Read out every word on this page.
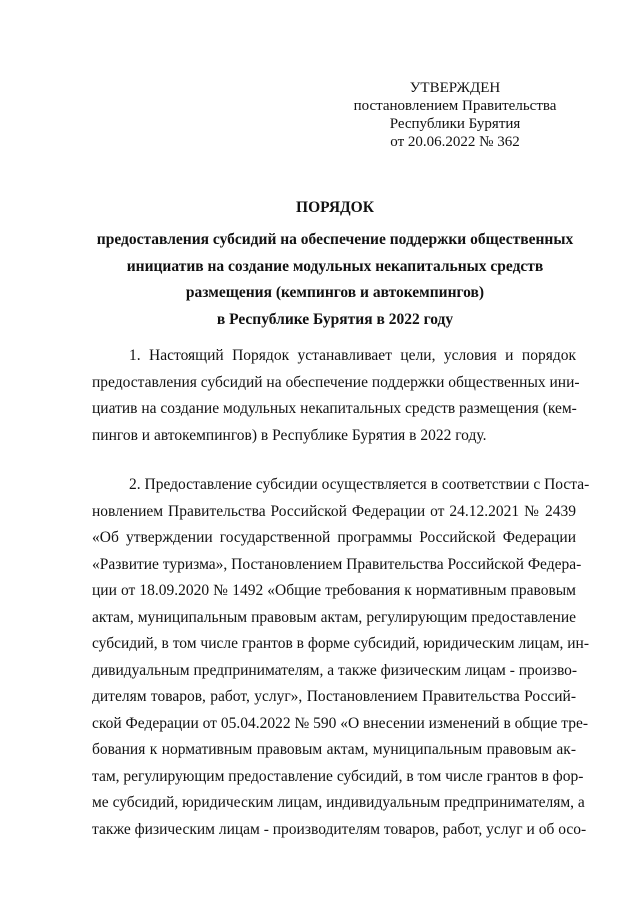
УТВЕРЖДЕН
постановлением Правительства
Республики Бурятия
от 20.06.2022 № 362
ПОРЯДОК
предоставления субсидий на обеспечение поддержки общественных
инициатив на создание модульных некапитальных средств
размещения (кемпингов и автокемпингов)
в Республике Бурятия в 2022 году
1. Настоящий Порядок устанавливает цели, условия и порядок
предоставления субсидий на обеспечение поддержки общественных ини-
циатив на создание модульных некапитальных средств размещения (кем-
пингов и автокемпингов) в Республике Бурятия в 2022 году.
2. Предоставление субсидии осуществляется в соответствии с Поста-
новлением Правительства Российской Федерации от 24.12.2021 № 2439
«Об утверждении государственной программы Российской Федерации
«Развитие туризма», Постановлением Правительства Российской Федера-
ции от 18.09.2020 № 1492 «Общие требования к нормативным правовым
актам, муниципальным правовым актам, регулирующим предоставление
субсидий, в том числе грантов в форме субсидий, юридическим лицам, ин-
дивидуальным предпринимателям, а также физическим лицам - произво-
дителям товаров, работ, услуг», Постановлением Правительства Россий-
ской Федерации от 05.04.2022 № 590 «О внесении изменений в общие тре-
бования к нормативным правовым актам, муниципальным правовым ак-
там, регулирующим предоставление субсидий, в том числе грантов в фор-
ме субсидий, юридическим лицам, индивидуальным предпринимателям, а
также физическим лицам - производителям товаров, работ, услуг и об осо-
